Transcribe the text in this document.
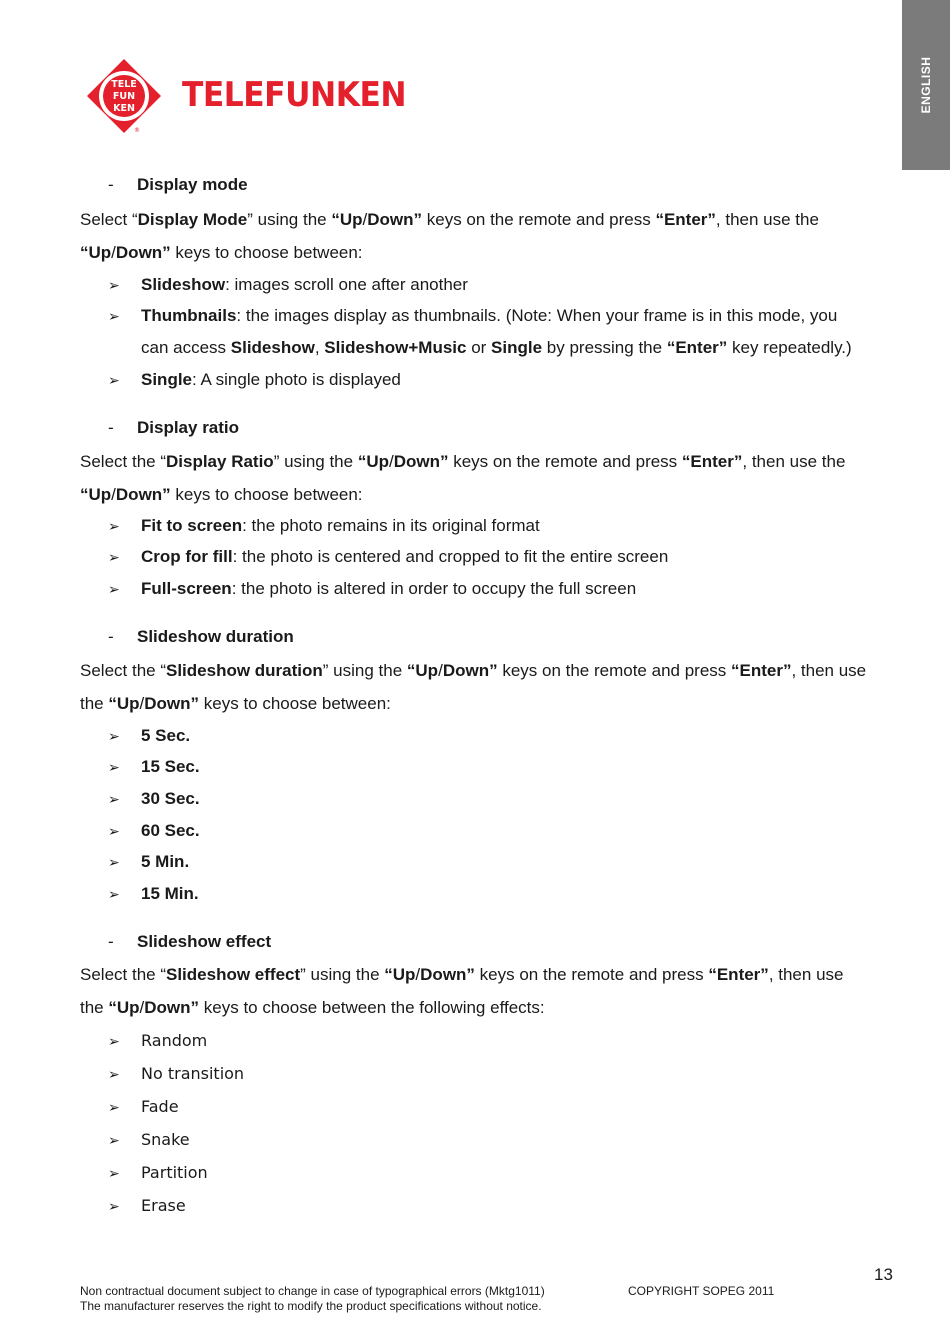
ENGLISH
TELE
FUN
KEN
®
TELEFUNKEN
-	Display mode
Select “Display Mode” using the “Up/Down” keys on the remote and press “Enter”, then use the
“Up/Down” keys to choose between:
➢ Slideshow: images scroll one after another
➢ Thumbnails: the images display as thumbnails. (Note: When your frame is in this mode, you
can access Slideshow, Slideshow+Music or Single by pressing the “Enter” key repeatedly.)
➢ Single: A single photo is displayed
-	Display ratio
Select the “Display Ratio” using the “Up/Down” keys on the remote and press “Enter”, then use the
“Up/Down” keys to choose between:
➢ Fit to screen: the photo remains in its original format
➢ Crop for fill: the photo is centered and cropped to fit the entire screen
➢ Full-screen: the photo is altered in order to occupy the full screen
-	Slideshow duration
Select the “Slideshow duration” using the “Up/Down” keys on the remote and press “Enter”, then use
the “Up/Down” keys to choose between:
➢ 5 Sec.
➢ 15 Sec.
➢ 30 Sec.
➢ 60 Sec.
➢ 5 Min.
➢ 15 Min.
-	Slideshow effect
Select the “Slideshow effect” using the “Up/Down” keys on the remote and press “Enter”, then use
the “Up/Down” keys to choose between the following effects:
➢ Random
➢ No transition
➢ Fade
➢ Snake
➢ Partition
➢ Erase
13
Non contractual document subject to change in case of typographical errors (Mktg1011)
The manufacturer reserves the right to modify the product specifications without notice.
COPYRIGHT SOPEG 2011
